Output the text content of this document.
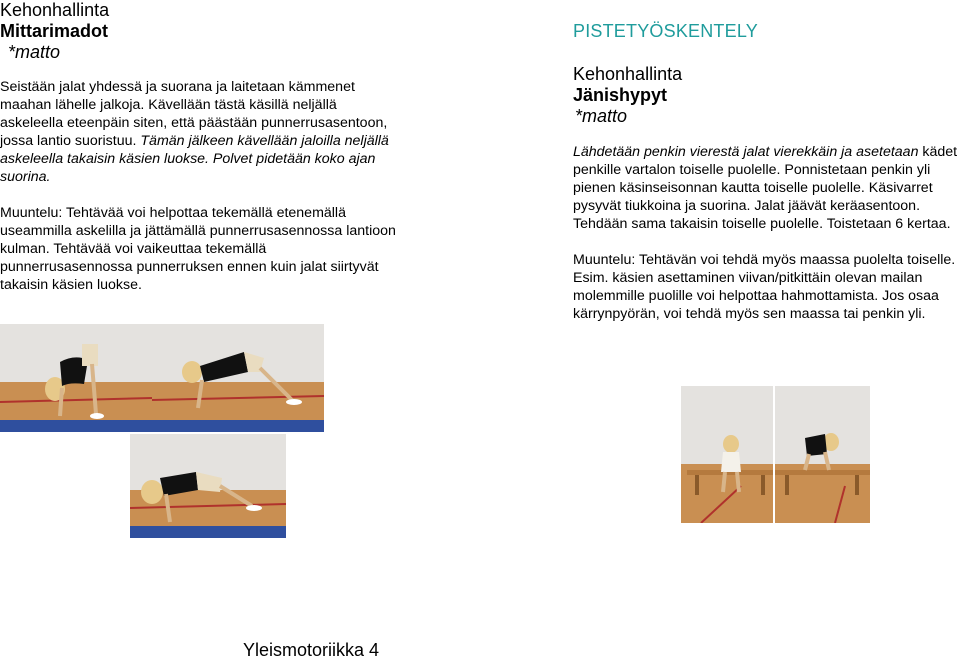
Kehonhallinta
Mittarimadot
*matto

Seistään jalat yhdessä ja suorana ja laitetaan kämmenet maahan lähelle jalkoja. Kävellään tästä käsillä neljällä askeleella eteenpäin siten, että päästään punnerrusasentoon, jossa lantio suoristuu. Tämän jälkeen kävellään jaloilla neljällä askeleella takaisin käsien luokse. Polvet pidetään koko ajan suorina.

Muuntelu: Tehtävää voi helpottaa tekemällä etenemällä useammilla askelilla ja jättämällä punnerrusasennossa lantioon kulman. Tehtävää voi vaikeuttaa tekemällä punnerrusasennossa punnerruksen ennen kuin jalat siirtyvät takaisin käsien luokse.

PISTETYÖSKENTELY
Kehonhallinta
Jänishypyt
*matto

Lähdetään penkin vierestä jalat vierekkäin ja asetetaan kädet penkille vartalon toiselle puolelle. Ponnistetaan penkin yli pienen käsinseisonnan kautta toiselle puolelle. Käsivarret pysyvät tiukkoina ja suorina. Jalat jäävät keräasentoon. Tehdään sama takaisin toiselle puolelle. Toistetaan 6 kertaa.

Muuntelu: Tehtävän voi tehdä myös maassa puolelta toiselle. Esim. käsien asettaminen viivan/pitkittäin olevan mailan molemmille puolille voi helpottaa hahmottamista. Jos osaa kärrynpyörän, voi tehdä myös sen maassa tai penkin yli.

Yleismotoriikka 4
